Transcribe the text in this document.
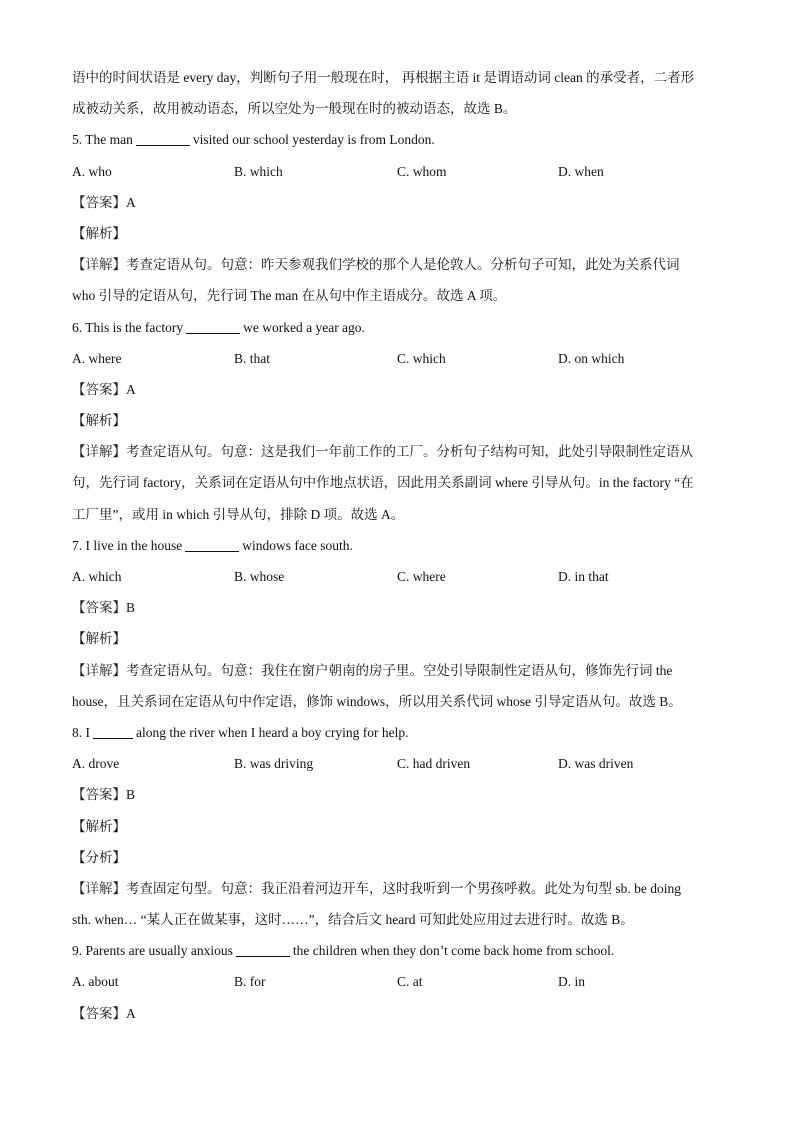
语中的时间状语是 every day，判断句子用一般现在时， 再根据主语 it 是谓语动词 clean 的承受者，二者形
成被动关系，故用被动语态，所以空处为一般现在时的被动语态，故选 B。
5. The man	visited our school yesterday is from London.
A. who	B. which	C. whom	D. when
【答案】A
【解析】
【详解】考查定语从句。句意：昨天参观我们学校的那个人是伦敦人。分析句子可知，此处为关系代词
who 引导的定语从句，先行词 The man 在从句中作主语成分。故选 A 项。
6. This is the factory	we worked a year ago.
A. where	B. that	C. which	D. on which
【答案】A
【解析】
【详解】考查定语从句。句意：这是我们一年前工作的工厂。分析句子结构可知，此处引导限制性定语从
句，先行词 factory，关系词在定语从句中作地点状语，因此用关系副词 where 引导从句。in the factory “在
工厂里”，或用 in which 引导从句，排除 D 项。故选 A。
7. I live in the house	windows face south.
A. which	B. whose	C. where	D. in that
【答案】B
【解析】
【详解】考查定语从句。句意：我住在窗户朝南的房子里。空处引导限制性定语从句，修饰先行词 the
house，且关系词在定语从句中作定语，修饰 windows，所以用关系代词 whose 引导定语从句。故选 B。
8. I	along the river when I heard a boy crying for help.
A. drove	B. was driving	C. had driven	D. was driven
【答案】B
【解析】
【分析】
【详解】考查固定句型。句意：我正沿着河边开车，这时我听到一个男孩呼救。此处为句型 sb. be doing
sth. when… “某人正在做某事，这时……”，结合后文 heard 可知此处应用过去进行时。故选 B。
9. Parents are usually anxious	the children when they don’t come back home from school.
A. about	B. for	C. at	D. in
【答案】A
